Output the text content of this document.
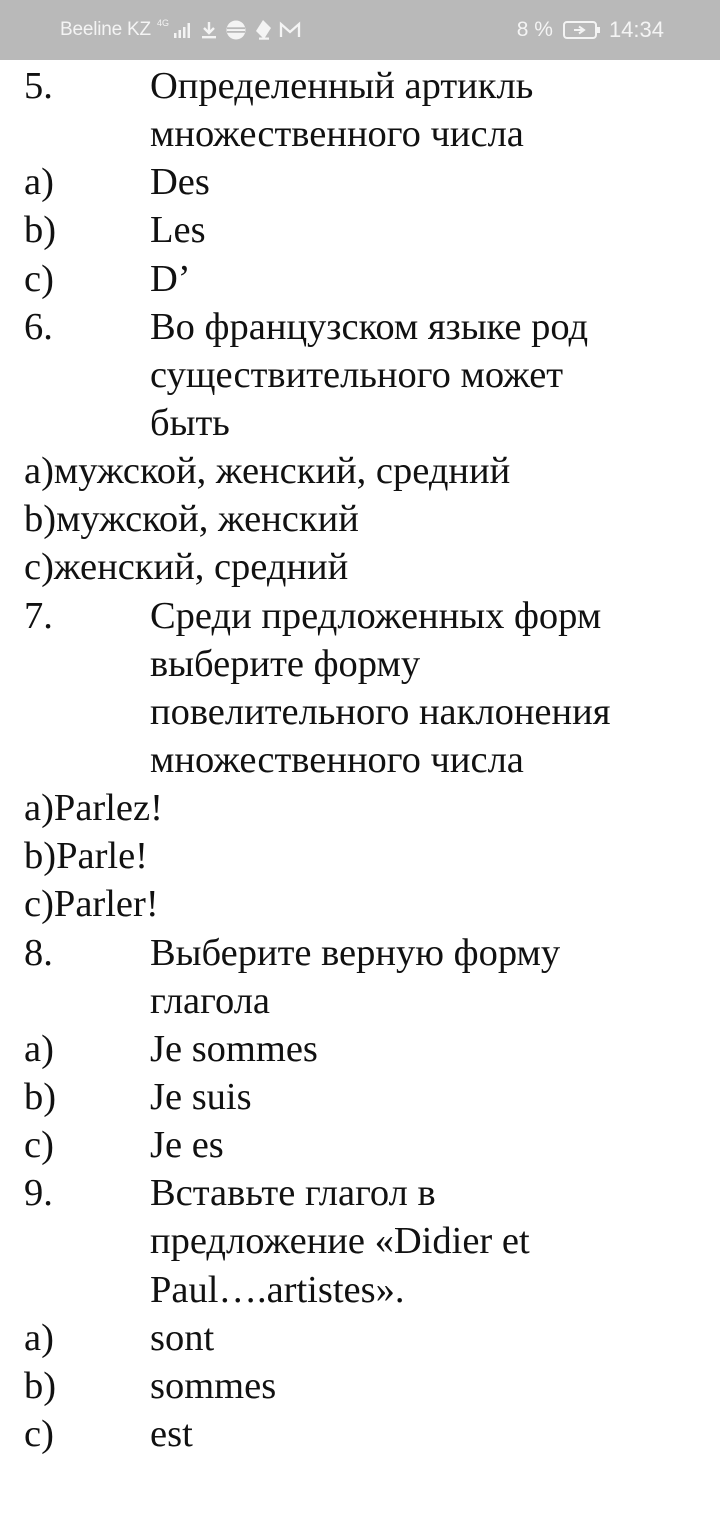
Beeline KZ 4G	8 %	14:34
5.	Определенный артикль
множественного числа
a) Des
b) Les
c) D’
6.	Во французском языке род
существительного может
быть
a)мужской, женский, средний
b)мужской, женский
c)женский, средний
7.	Среди предложенных форм
выберите форму
повелительного наклонения
множественного числа
a)Parlez!
b)Parle!
c)Parler!
8.	Выберите верную форму
глагола
a) Je sommes
b) Je suis
c) Je es
9.	Вставьте глагол в
предложение «Didier et
Paul….artistes».
a) sont
b) sommes
c) est
